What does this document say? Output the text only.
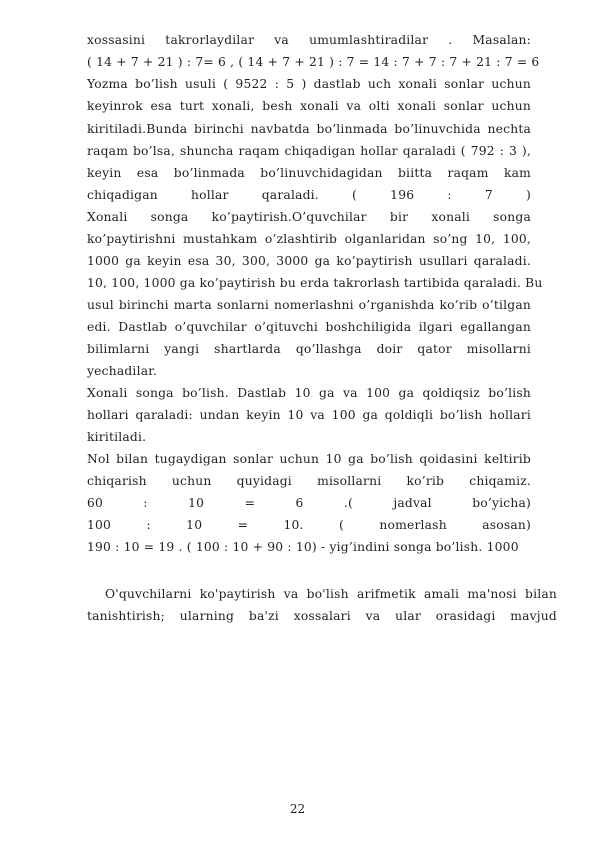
xossasini takrorlaydilar va umumlashtiradilar . Masalan:
( 14 + 7 + 21 ) : 7= 6 , ( 14 + 7 + 21 ) : 7 = 14 : 7 + 7 : 7 + 21 : 7 = 6
Yozma bo’lish usuli ( 9522 : 5 ) dastlab uch xonali sonlar uchun
keyinrok esa turt xonali, besh xonali va olti xonali sonlar uchun
kiritiladi.Bunda birinchi navbatda bo’linmada bo’linuvchida nechta
raqam bo’lsa, shuncha raqam chiqadigan hollar qaraladi ( 792 : 3 ),
keyin esa bo’linmada bo’linuvchidagidan biitta raqam kam
chiqadigan hollar qaraladi. ( 196 : 7 )
Xonali songa ko’paytirish.O’quvchilar bir xonali songa
ko’paytirishni mustahkam o’zlashtirib olganlaridan so’ng 10, 100,
1000 ga keyin esa 30, 300, 3000 ga ko’paytirish usullari qaraladi.
10, 100, 1000 ga ko’paytirish bu erda takrorlash tartibida qaraladi. Bu
usul birinchi marta sonlarni nomerlashni o’rganishda ko’rib o’tilgan
edi. Dastlab o’quvchilar o’qituvchi boshchiligida ilgari egallangan
bilimlarni yangi shartlarda qo’llashga doir qator misollarni
yechadilar.
Xonali songa bo’lish. Dastlab 10 ga va 100 ga qoldiqsiz bo’lish
hollari qaraladi: undan keyin 10 va 100 ga qoldiqli bo’lish hollari
kiritiladi.
Nol bilan tugaydigan sonlar uchun 10 ga bo’lish qoidasini keltirib
chiqarish uchun quyidagi misollarni ko’rib chiqamiz.
60 : 10 = 6 .( jadval bo’yicha)
100 : 10 = 10. ( nomerlash asosan)
190 : 10 = 19 . ( 100 : 10 + 90 : 10) - yig’indini songa bo’lish. 1000
O'quvchilarni ko'paytirish va bo'lish arifmetik amali ma'nosi bilan
tanishtirish; ularning ba'zi xossalari va ular orasidagi mavjud
22
